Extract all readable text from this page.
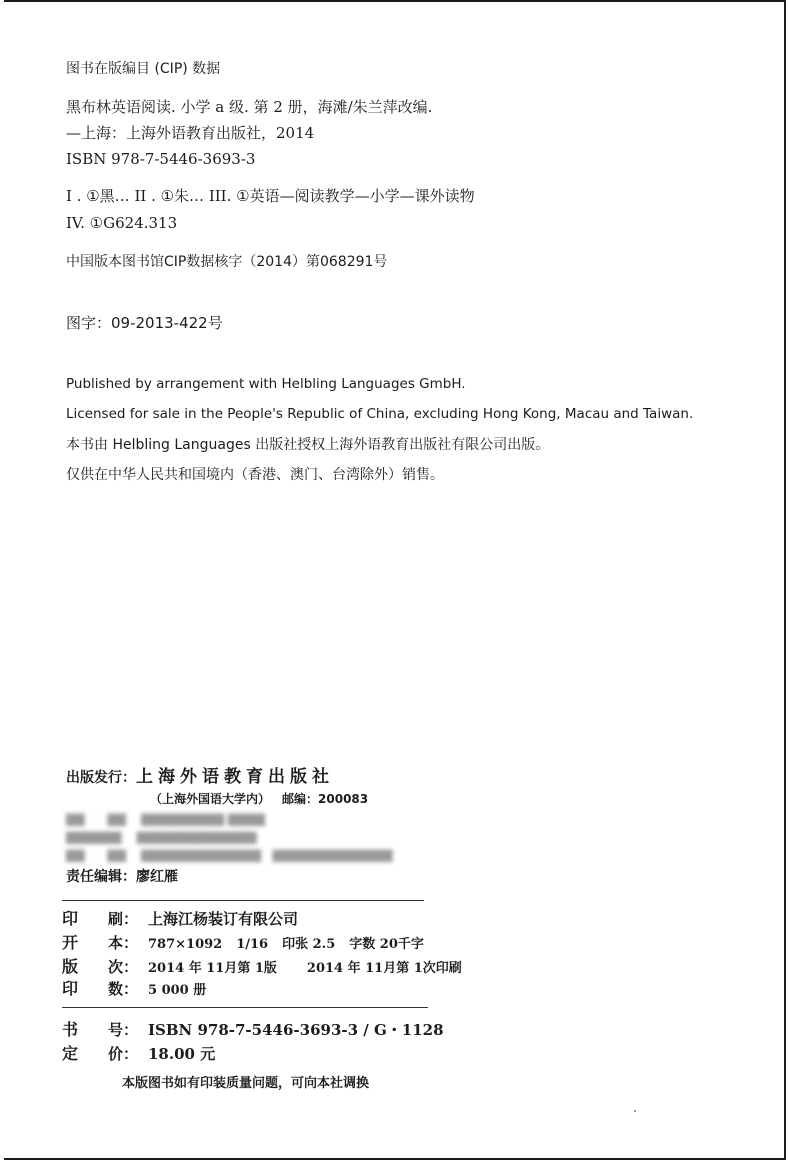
图书在版编目 (CIP) 数据
黑布林英语阅读. 小学 a 级. 第 2 册，海滩/朱兰萍改编.
—上海：上海外语教育出版社，2014
ISBN 978-7-5446-3693-3
I . ①黑… II . ①朱… III. ①英语—阅读教学—小学—课外读物
IV. ①G624.313
中国版本图书馆CIP数据核字（2014）第068291号
图字：09-2013-422号
Published by arrangement with Helbling Languages GmbH.
Licensed for sale in the People's Republic of China, excluding Hong Kong, Macau and Taiwan.
本书由 Helbling Languages 出版社授权上海外语教育出版社有限公司出版。
仅供在中华人民共和国境内（香港、澳门、台湾除外）销售。
出版发行：上海外语教育出版社
（上海外国语大学内） 邮编：200083
▇▇      ▇▇    ▇▇▇▇▇▇▇▇▇ ▇▇▇▇
▇▇▇▇▇▇    ▇▇▇▇▇▇▇▇▇▇▇▇▇
▇▇      ▇▇    ▇▇▇▇▇▇▇▇▇▇▇▇▇   ▇▇▇▇▇▇▇▇▇▇▇▇▇
责任编辑：廖红雁
印	刷： 上海江杨装订有限公司
开	本： 787×1092 1/16 印张 2.5 字数 20千字
版	次： 2014 年 11月第 1版 2014 年 11月第 1次印刷
印	数： 5 000 册
书	号： ISBN 978-7-5446-3693-3 / G・1128
定	价： 18.00 元
本版图书如有印装质量问题，可向本社调换
